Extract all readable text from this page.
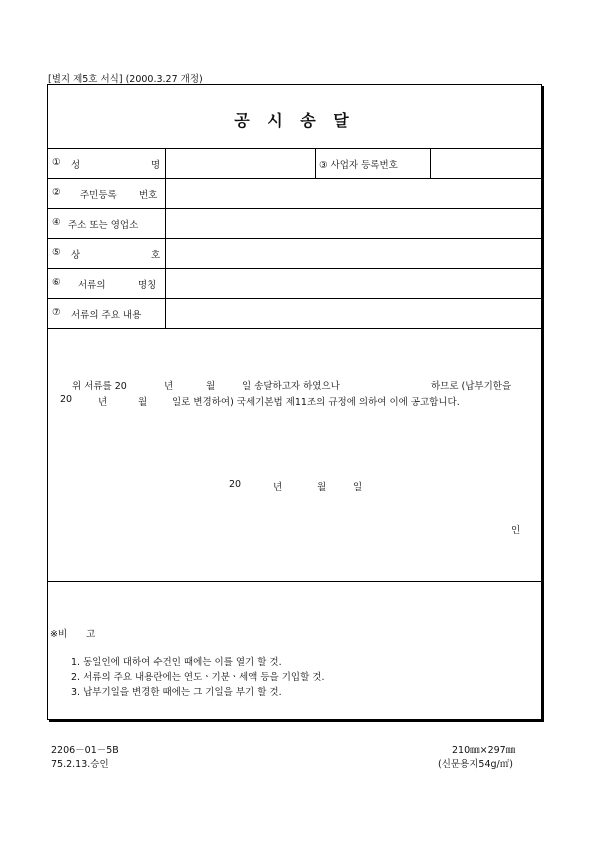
[별지 제5호 서식] (2000.3.27 개정)
공 시 송 달
① 성	명	③ 사업자 등록번호
② 주민등록 번호
④ 주소 또는 영업소
⑤ 상	호
⑥ 서류의	명칭
⑦ 서류의 주요 내용
위 서류를 20	년	월	일 송달하고자 하였으나	하므로 (납부기한을
20	년	월	일로 변경하여) 국세기본법 제11조의 규정에 의하여 이에 공고합니다.
20	년	월	일
인
※비 고
1. 동일인에 대하여 수건인 때에는 이를 열기 할 것.
2. 서류의 주요 내용란에는 연도ㆍ기분ㆍ세액 등을 기입할 것.
3. 납부기일을 변경한 때에는 그 기일을 부기 할 것.
2206－01－5B
75.2.13.승인
210㎜×297㎜
(신문용지54g/㎡)
